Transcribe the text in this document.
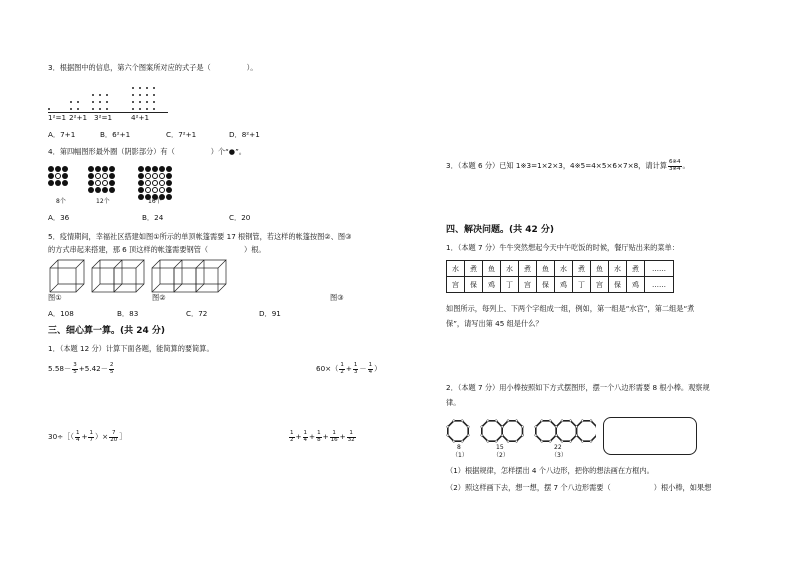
3．根据图中的信息，第六个图案所对应的式子是（　　　　　）。
1²=1 2²+1 3²=1	4²+1
A．7+1	B．6²+1	C．7²+1	D．8²+1
4．第四幅图形最外圈（阴影部分）有（　　　　　）个“●”。
8个	12个	16个
A．36	B．24	C．20
5．疫情期间，幸福社区搭建如图①所示的单顶帐篷需要 17 根钢管，若这样的帐篷按图②、图③
的方式串起来搭建，那 6 顶这样的帐篷需要钢管（　　　　　）根。
图①	图②	图③
A．108	B．83	C．72	D．91
三、细心算一算。(共 24 分)
1．（本题 12 分）计算下面各题，能简算的要简算。
$5.58- \frac{3}{5} +5.42- \frac{2}{5}$	$60\times( \frac{1}{2} + \frac{1}{3} - \frac{1}{4}$ ）
30÷［（ $\frac{1}{4} + \frac{1}{7}$ ）× $\frac{7}{20}$ ］	$\frac{1}{2} + \frac{1}{4} + \frac{1}{8} + \frac{1}{16} + \frac{1}{32}$
3．（本题 6 分）已知 1※3=1×2×3，4※5=4×5×6×7×8，请计算 $\frac{6※4}{3※4}$ 。
四、解决问题。(共 42 分)
1．（本题 7 分）牛牛突然想起今天中午吃饭的时候，餐厅贴出来的菜单：
水	煮	鱼	水	煮	鱼	水	煮	鱼	水	煮	……
宫	保	鸡	丁	宫	保	鸡	丁	宫	保	鸡	……
如图所示，每列上、下两个字组成一组，例如，第一组是“水宫”，第二组是“煮
保”，请写出第 45 组是什么？
2．（本题 7 分）用小棒按照如下方式摆图形，摆一个八边形需要 8 根小棒。观察规
律。
8	15	22
（1）	（2）	（3）
（1）根据规律，怎样摆出 4 个八边形，把你的想法画在方框内。
（2）照这样画下去，想一想，摆 7 个八边形需要（　　　　　　）根小棒，如果想
